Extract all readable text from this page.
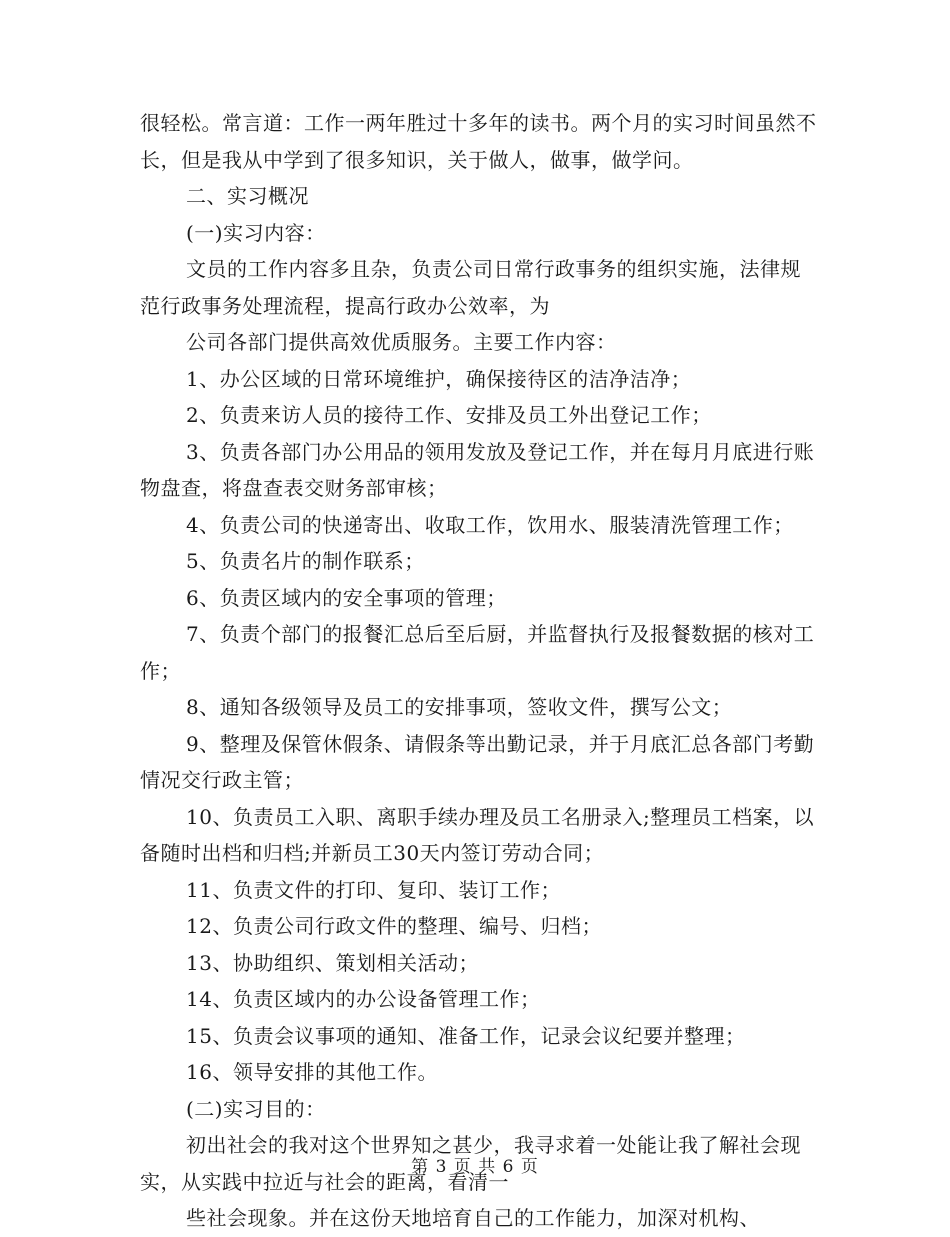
很轻松。常言道：工作一两年胜过十多年的读书。两个月的实习时间虽然不长，但是我从中学到了很多知识，关于做人，做事，做学问。

二、实习概况

(一)实习内容：

文员的工作内容多且杂，负责公司日常行政事务的组织实施，法律规范行政事务处理流程，提高行政办公效率，为

公司各部门提供高效优质服务。主要工作内容：

1、办公区域的日常环境维护，确保接待区的洁净洁净；

2、负责来访人员的接待工作、安排及员工外出登记工作；

3、负责各部门办公用品的领用发放及登记工作，并在每月月底进行账物盘查，将盘查表交财务部审核；

4、负责公司的快递寄出、收取工作，饮用水、服装清洗管理工作；

5、负责名片的制作联系；

6、负责区域内的安全事项的管理；

7、负责个部门的报餐汇总后至后厨，并监督执行及报餐数据的核对工作；

8、通知各级领导及员工的安排事项，签收文件，撰写公文；

9、整理及保管休假条、请假条等出勤记录，并于月底汇总各部门考勤情况交行政主管；

10、负责员工入职、离职手续办理及员工名册录入;整理员工档案，以备随时出档和归档;并新员工30天内签订劳动合同；

11、负责文件的打印、复印、装订工作；

12、负责公司行政文件的整理、编号、归档；

13、协助组织、策划相关活动；

14、负责区域内的办公设备管理工作；

15、负责会议事项的通知、准备工作，记录会议纪要并整理；

16、领导安排的其他工作。

(二)实习目的：

初出社会的我对这个世界知之甚少，我寻求着一处能让我了解社会现实，从实践中拉近与社会的距离，看清一

些社会现象。并在这份天地培育自己的工作能力，加深对机构、

第 3 页 共 6 页
